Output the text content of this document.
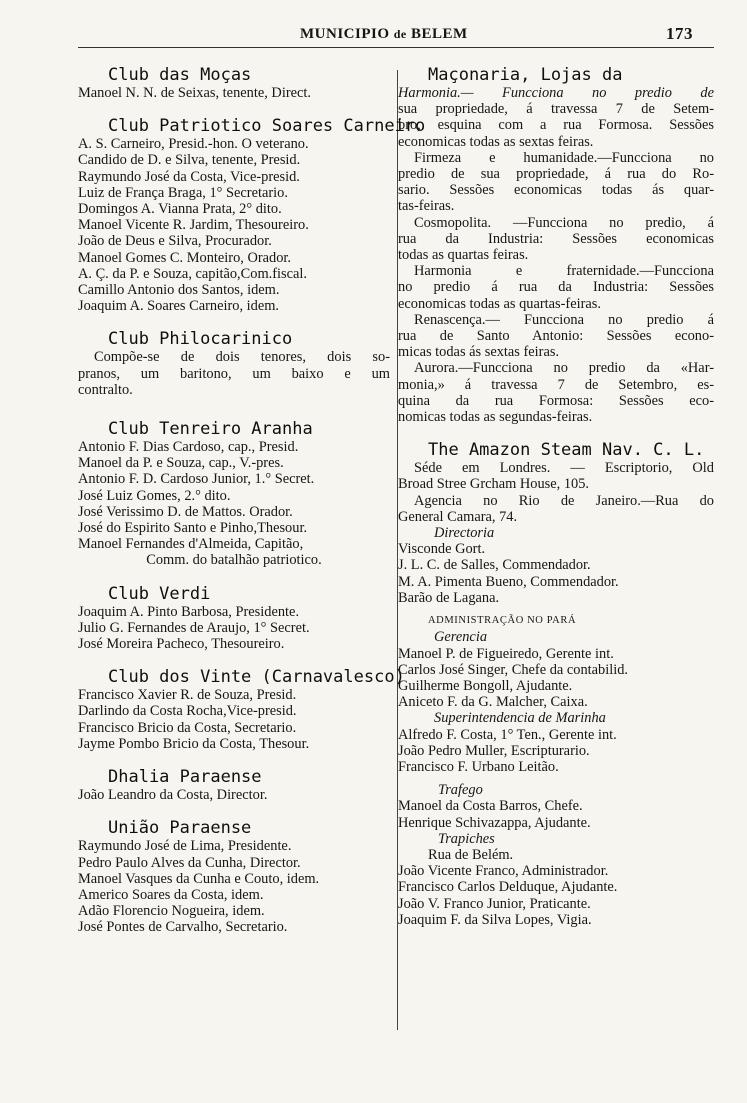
MUNICIPIO de BELEM	173
Club das Moças
Manoel N. N. de Seixas, tenente, Direct.
Club Patriotico Soares Carneiro
A. S. Carneiro, Presid.-hon. O veterano.
Candido de D. e Silva, tenente, Presid.
Raymundo José da Costa, Vice-presid.
Luiz de França Braga, 1° Secretario.
Domingos A. Vianna Prata, 2° dito.
Manoel Vicente R. Jardim, Thesoureiro.
João de Deus e Silva, Procurador.
Manoel Gomes C. Monteiro, Orador.
A. Ç. da P. e Souza, capitão,Com.fiscal.
Camillo Antonio dos Santos, idem.
Joaquim A. Soares Carneiro, idem.
Club Philocarinico
Compõe-se de dois tenores, dois so-
pranos, um baritono, um baixo e um
contralto.
Club Tenreiro Aranha
Antonio F. Dias Cardoso, cap., Presid.
Manoel da P. e Souza, cap., V.-pres.
Antonio F. D. Cardoso Junior, 1.° Secret.
José Luiz Gomes, 2.° dito.
José Verissimo D. de Mattos. Orador.
José do Espirito Santo e Pinho,Thesour.
Manoel Fernandes d'Almeida, Capitão,
Comm. do batalhão patriotico.
Club Verdi
Joaquim A. Pinto Barbosa, Presidente.
Julio G. Fernandes de Araujo, 1° Secret.
José Moreira Pacheco, Thesoureiro.
Club dos Vinte (Carnavalesco)
Francisco Xavier R. de Souza, Presid.
Darlindo da Costa Rocha,Vice-presid.
Francisco Bricio da Costa, Secretario.
Jayme Pombo Bricio da Costa, Thesour.
Dhalia Paraense
João Leandro da Costa, Director.
União Paraense
Raymundo José de Lima, Presidente.
Pedro Paulo Alves da Cunha, Director.
Manoel Vasques da Cunha e Couto, idem.
Americo Soares da Costa, idem.
Adão Florencio Nogueira, idem.
José Pontes de Carvalho, Secretario.
Maçonaria, Lojas da
Harmonia.— Funcciona no predio de
sua propriedade, á travessa 7 de Setem-
bro, esquina com a rua Formosa. Sessões
economicas todas as sextas feiras.
Firmeza e humanidade.—Funcciona no
predio de sua propriedade, á rua do Ro-
sario. Sessões economicas todas ás quar-
tas-feiras.
Cosmopolita. —Funcciona no predio, á
rua da Industria: Sessões economicas
todas as quartas feiras.
Harmonia e fraternidade.—Funcciona
no predio á rua da Industria: Sessões
economicas todas as quartas-feiras.
Renascença.— Funcciona no predio á
rua de Santo Antonio: Sessões econo-
micas todas ás sextas feiras.
Aurora.—Funcciona no predio da «Har-
monia,» á travessa 7 de Setembro, es-
quina da rua Formosa: Sessões eco-
nomicas todas as segundas-feiras.
The Amazon Steam Nav. C. L.
Séde em Londres. — Escriptorio, Old
Broad Stree Grcham House, 105.
Agencia no Rio de Janeiro.—Rua do
General Camara, 74.
Directoria
Visconde Gort.
J. L. C. de Salles, Commendador.
M. A. Pimenta Bueno, Commendador.
Barão de Lagana.
ADMINISTRAÇÃO NO PARÁ
Gerencia
Manoel P. de Figueiredo, Gerente int.
Carlos José Singer, Chefe da contabilid.
Guilherme Bongoll, Ajudante.
Aniceto F. da G. Malcher, Caixa.
Superintendencia de Marinha
Alfredo F. Costa, 1° Ten., Gerente int.
João Pedro Muller, Escripturario.
Francisco F. Urbano Leitão.
Trafego
Manoel da Costa Barros, Chefe.
Henrique Schivazappa, Ajudante.
Trapiches
Rua de Belém.
João Vicente Franco, Administrador.
Francisco Carlos Delduque, Ajudante.
João V. Franco Junior, Praticante.
Joaquim F. da Silva Lopes, Vigia.
